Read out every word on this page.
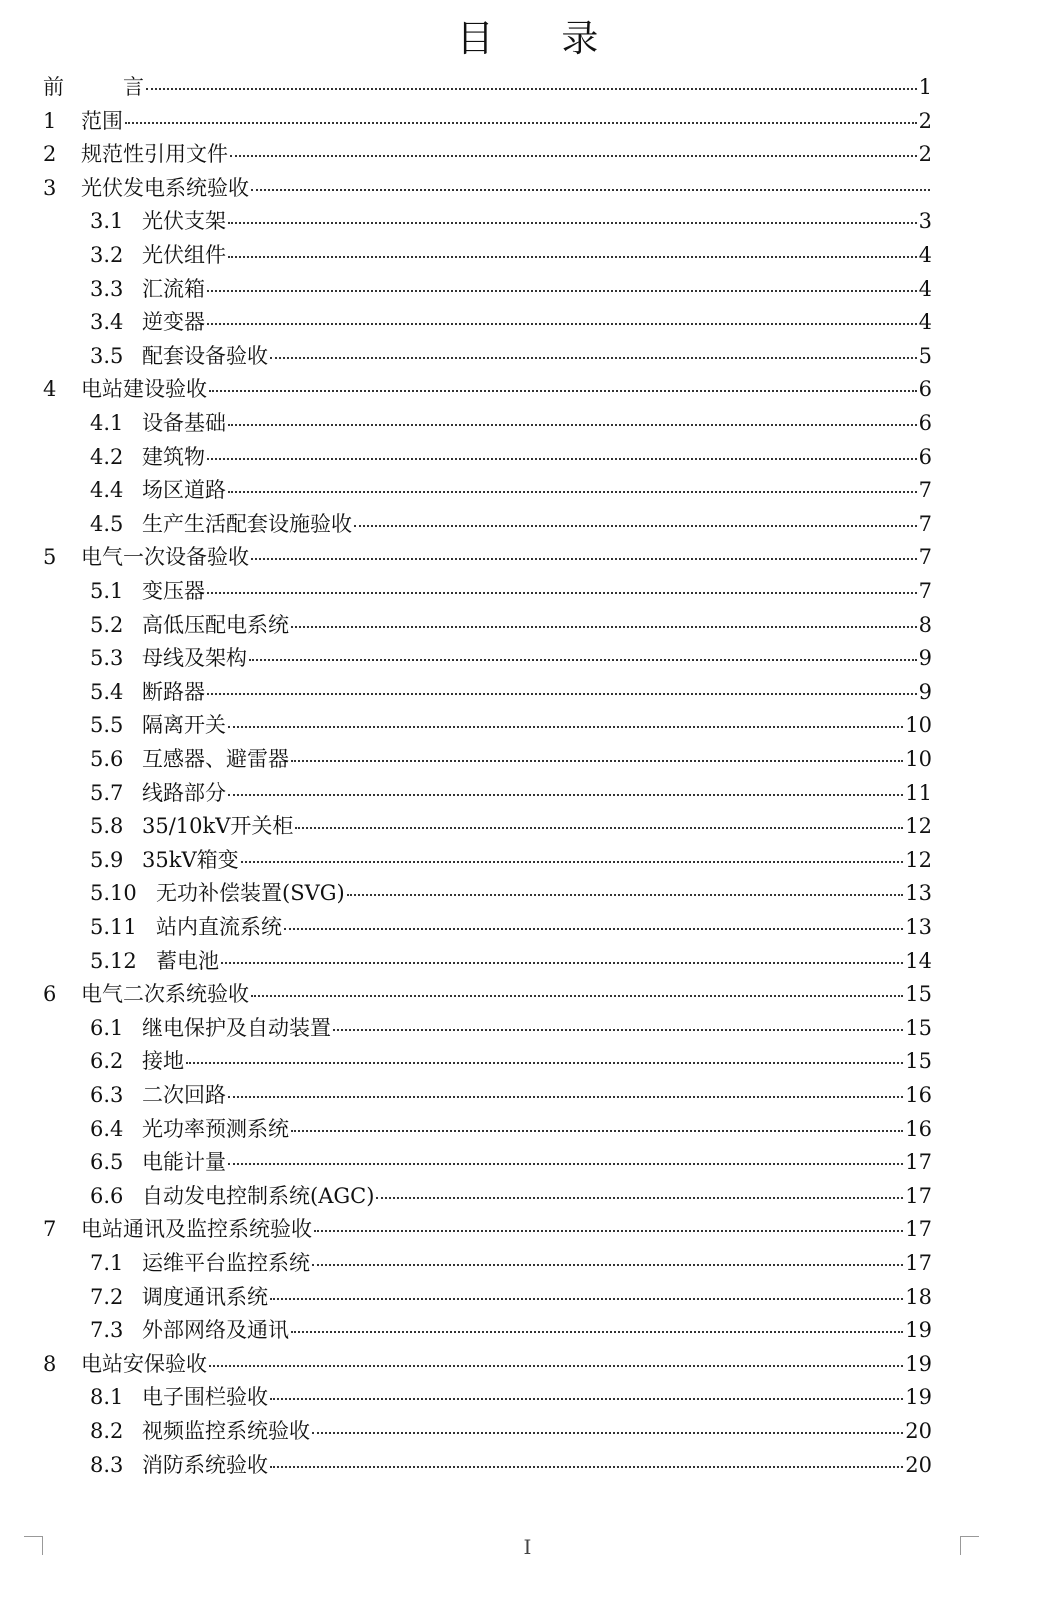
目 录
前	言	1
1	范围	2
2	规范性引用文件	2
3	光伏发电系统验收
3.1 光伏支架	3
3.2 光伏组件	4
3.3 汇流箱	4
3.4 逆变器	4
3.5 配套设备验收	5
4	电站建设验收	6
4.1 设备基础	6
4.2 建筑物	6
4.4 场区道路	7
4.5 生产生活配套设施验收	7
5	电气一次设备验收	7
5.1 变压器	7
5.2 高低压配电系统	8
5.3 母线及架构	9
5.4 断路器	9
5.5 隔离开关	10
5.6 互感器、避雷器	10
5.7 线路部分	11
5.8 35/10kV开关柜	12
5.9 35kV箱变	12
5.10 无功补偿装置(SVG)	13
5.11 站内直流系统	13
5.12 蓄电池	14
6	电气二次系统验收	15
6.1 继电保护及自动装置	15
6.2 接地	15
6.3 二次回路	16
6.4 光功率预测系统	16
6.5 电能计量	17
6.6 自动发电控制系统(AGC)	17
7	电站通讯及监控系统验收	17
7.1 运维平台监控系统	17
7.2 调度通讯系统	18
7.3 外部网络及通讯	19
8	电站安保验收	19
8.1 电子围栏验收	19
8.2 视频监控系统验收	20
8.3 消防系统验收	20
I
